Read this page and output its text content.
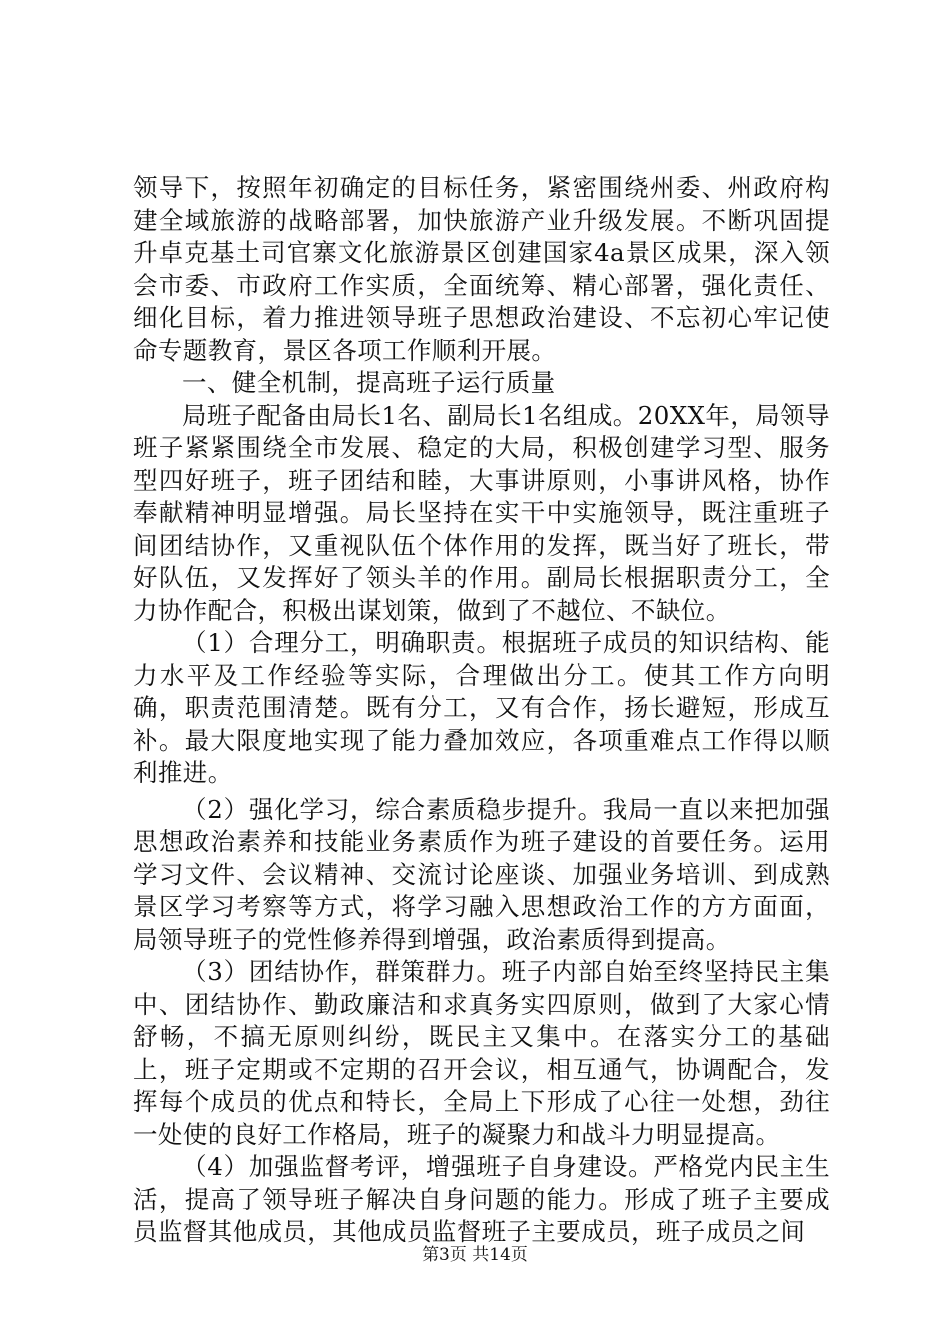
领导下，按照年初确定的目标任务，紧密围绕州委、州政府构建全域旅游的战略部署，加快旅游产业升级发展。不断巩固提升卓克基土司官寨文化旅游景区创建国家4a景区成果，深入领会市委、市政府工作实质，全面统筹、精心部署，强化责任、细化目标，着力推进领导班子思想政治建设、不忘初心牢记使命专题教育，景区各项工作顺利开展。

一、健全机制，提高班子运行质量

局班子配备由局长1名、副局长1名组成。20XX年，局领导班子紧紧围绕全市发展、稳定的大局，积极创建学习型、服务型四好班子，班子团结和睦，大事讲原则，小事讲风格，协作奉献精神明显增强。局长坚持在实干中实施领导，既注重班子间团结协作，又重视队伍个体作用的发挥，既当好了班长，带好队伍，又发挥好了领头羊的作用。副局长根据职责分工，全力协作配合，积极出谋划策，做到了不越位、不缺位。

（1）合理分工，明确职责。根据班子成员的知识结构、能力水平及工作经验等实际，合理做出分工。使其工作方向明确，职责范围清楚。既有分工，又有合作，扬长避短，形成互补。最大限度地实现了能力叠加效应，各项重难点工作得以顺利推进。

（2）强化学习，综合素质稳步提升。我局一直以来把加强思想政治素养和技能业务素质作为班子建设的首要任务。运用学习文件、会议精神、交流讨论座谈、加强业务培训、到成熟景区学习考察等方式，将学习融入思想政治工作的方方面面，局领导班子的党性修养得到增强，政治素质得到提高。

（3）团结协作，群策群力。班子内部自始至终坚持民主集中、团结协作、勤政廉洁和求真务实四原则，做到了大家心情舒畅，不搞无原则纠纷，既民主又集中。在落实分工的基础上，班子定期或不定期的召开会议，相互通气，协调配合，发挥每个成员的优点和特长，全局上下形成了心往一处想，劲往一处使的良好工作格局，班子的凝聚力和战斗力明显提高。

（4）加强监督考评，增强班子自身建设。严格党内民主生活，提高了领导班子解决自身问题的能力。形成了班子主要成员监督其他成员，其他成员监督班子主要成员，班子成员之间

第3页 共14页
